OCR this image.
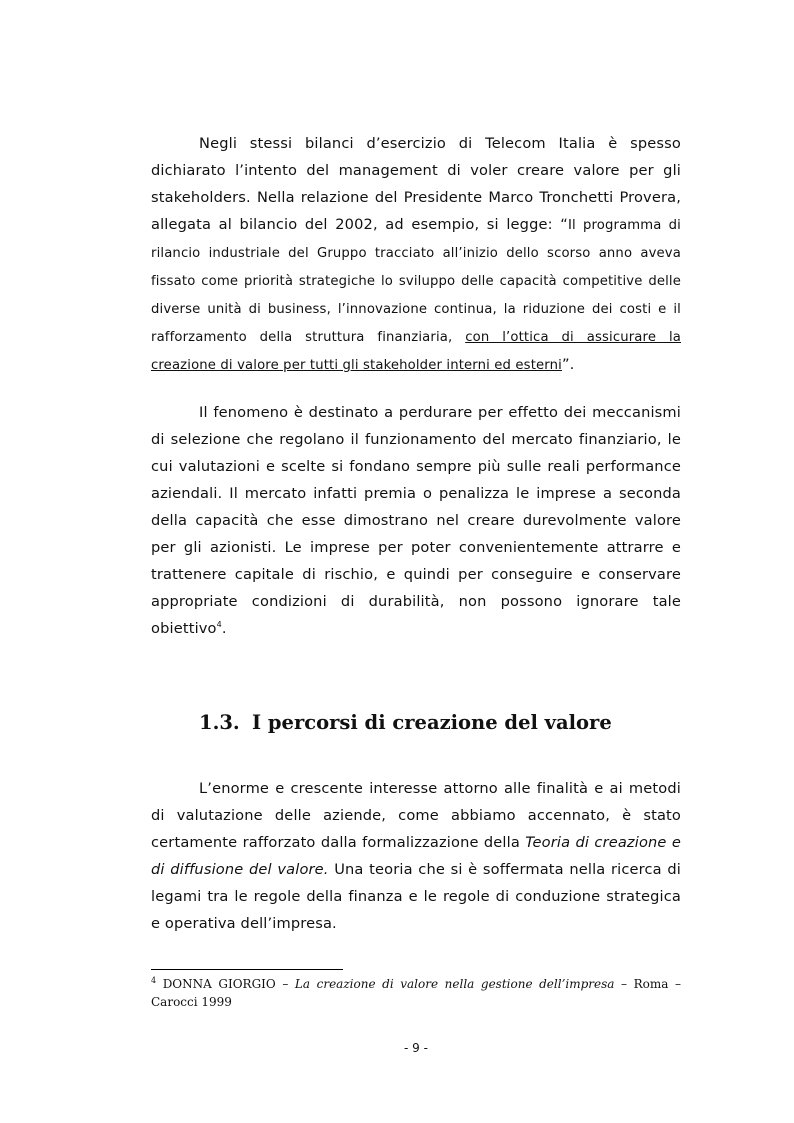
Negli stessi bilanci d’esercizio di Telecom Italia è spesso dichiarato l’intento del management di voler creare valore per gli stakeholders. Nella relazione del Presidente Marco Tronchetti Provera, allegata al bilancio del 2002, ad esempio, si legge: “Il programma di rilancio industriale del Gruppo tracciato all’inizio dello scorso anno aveva fissato come priorità strategiche lo sviluppo delle capacità competitive delle diverse unità di business, l’innovazione continua, la riduzione dei costi e il rafforzamento della struttura finanziaria, con l’ottica di assicurare la creazione di valore per tutti gli stakeholder interni ed esterni”.
Il fenomeno è destinato a perdurare per effetto dei meccanismi di selezione che regolano il funzionamento del mercato finanziario, le cui valutazioni e scelte si fondano sempre più sulle reali performance aziendali. Il mercato infatti premia o penalizza le imprese a seconda della capacità che esse dimostrano nel creare durevolmente valore per gli azionisti. Le imprese per poter convenientemente attrarre e trattenere capitale di rischio, e quindi per conseguire e conservare appropriate condizioni di durabilità, non possono ignorare tale obiettivo$^4$.
1.3. I percorsi di creazione del valore
L’enorme e crescente interesse attorno alle finalità e ai metodi di valutazione delle aziende, come abbiamo accennato, è stato certamente rafforzato dalla formalizzazione della Teoria di creazione e di diffusione del valore. Una teoria che si è soffermata nella ricerca di legami tra le regole della finanza e le regole di conduzione strategica e operativa dell’impresa.
$^4$ DONNA GIORGIO – La creazione di valore nella gestione dell’impresa – Roma – Carocci 1999
- 9 -
